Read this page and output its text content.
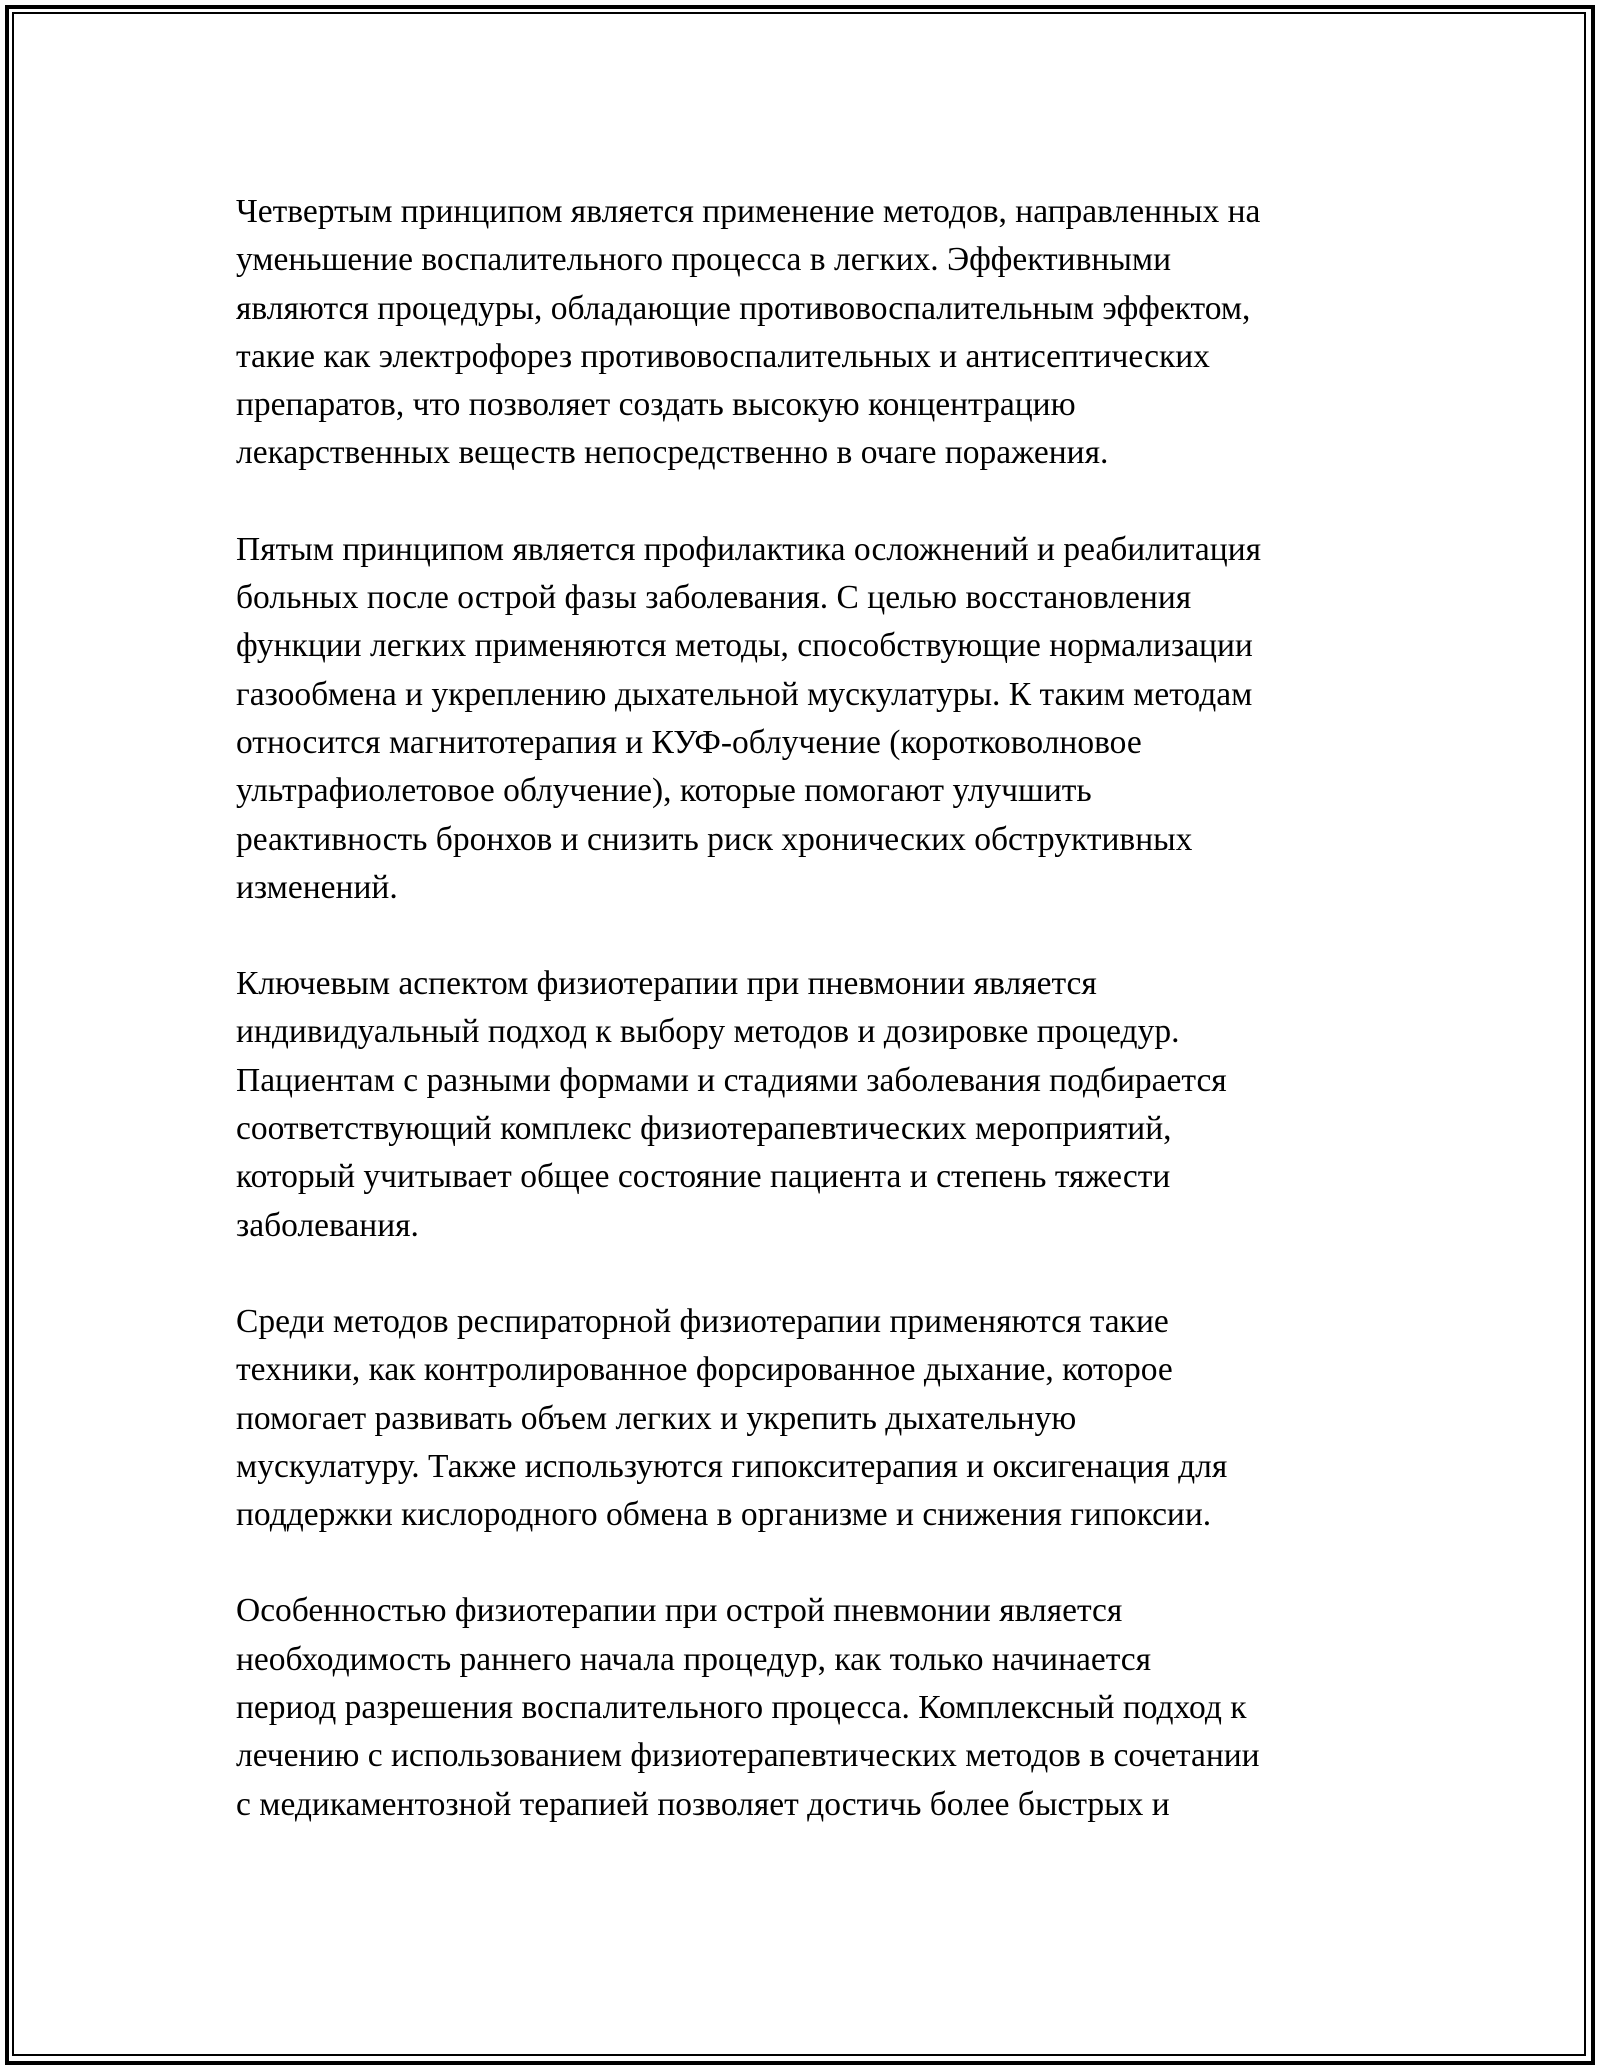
Четвертым принципом является применение методов, направленных на
уменьшение воспалительного процесса в легких. Эффективными
являются процедуры, обладающие противовоспалительным эффектом,
такие как электрофорез противовоспалительных и антисептических
препаратов, что позволяет создать высокую концентрацию
лекарственных веществ непосредственно в очаге поражения.

Пятым принципом является профилактика осложнений и реабилитация
больных после острой фазы заболевания. С целью восстановления
функции легких применяются методы, способствующие нормализации
газообмена и укреплению дыхательной мускулатуры. К таким методам
относится магнитотерапия и КУФ-облучение (коротковолновое
ультрафиолетовое облучение), которые помогают улучшить
реактивность бронхов и снизить риск хронических обструктивных
изменений.

Ключевым аспектом физиотерапии при пневмонии является
индивидуальный подход к выбору методов и дозировке процедур.
Пациентам с разными формами и стадиями заболевания подбирается
соответствующий комплекс физиотерапевтических мероприятий,
который учитывает общее состояние пациента и степень тяжести
заболевания.

Среди методов респираторной физиотерапии применяются такие
техники, как контролированное форсированное дыхание, которое
помогает развивать объем легких и укрепить дыхательную
мускулатуру. Также используются гипокситерапия и оксигенация для
поддержки кислородного обмена в организме и снижения гипоксии.

Особенностью физиотерапии при острой пневмонии является
необходимость раннего начала процедур, как только начинается
период разрешения воспалительного процесса. Комплексный подход к
лечению с использованием физиотерапевтических методов в сочетании
с медикаментозной терапией позволяет достичь более быстрых и
